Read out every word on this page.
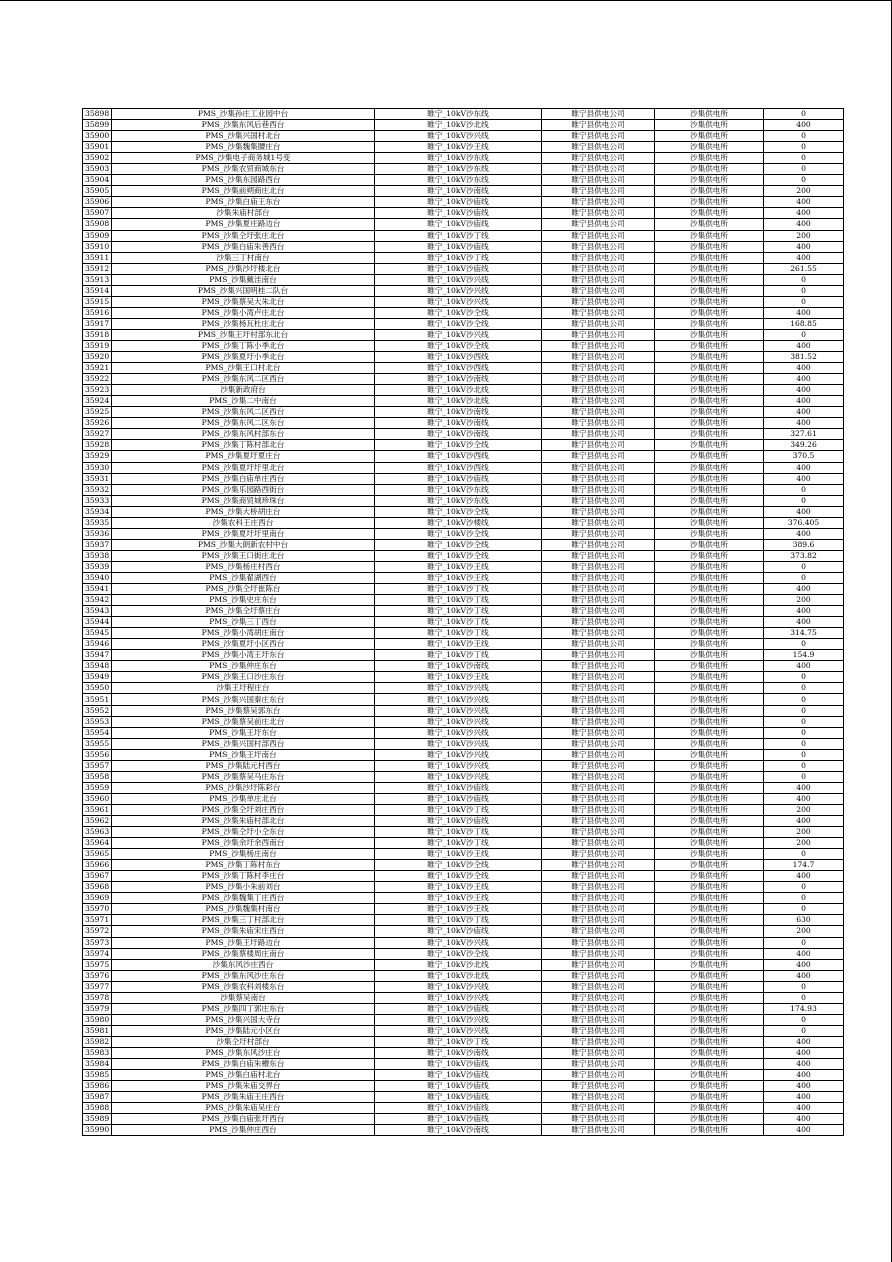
35898	PMS_沙集孙庄工业园中台	睢宁_10kV沙东线	睢宁县供电公司	沙集供电所	0
35899	PMS_沙集东风后巷西台	睢宁_10kV沙北线	睢宁县供电公司	沙集供电所	400
35900	PMS_沙集兴国村北台	睢宁_10kV沙兴线	睢宁县供电公司	沙集供电所	0
35901	PMS_沙集魏集腰庄台	睢宁_10kV沙王线	睢宁县供电公司	沙集供电所	0
35902	PMS_沙集电子商务城1号变	睢宁_10kV沙东线	睢宁县供电公司	沙集供电所	0
35903	PMS_沙集农贸商城东台	睢宁_10kV沙东线	睢宁县供电公司	沙集供电所	0
35904	PMS_沙集东园路西台	睢宁_10kV沙东线	睢宁县供电公司	沙集供电所	0
35905	PMS_沙集前朔商庄北台	睢宁_10kV沙南线	睢宁县供电公司	沙集供电所	200
35906	PMS_沙集白庙王东台	睢宁_10kV沙庙线	睢宁县供电公司	沙集供电所	400
35907	沙集朱庙村部台	睢宁_10kV沙庙线	睢宁县供电公司	沙集供电所	400
35908	PMS_沙集夏庄路边台	睢宁_10kV沙庙线	睢宁县供电公司	沙集供电所	400
35909	PMS_沙集仝圩张庄北台	睢宁_10kV沙丁线	睢宁县供电公司	沙集供电所	200
35910	PMS_沙集白庙朱善西台	睢宁_10kV沙庙线	睢宁县供电公司	沙集供电所	400
35911	沙集三丁村南台	睢宁_10kV沙丁线	睢宁县供电公司	沙集供电所	400
35912	PMS_沙集沙圩楼北台	睢宁_10kV沙庙线	睢宁县供电公司	沙集供电所	261.55
35913	PMS_沙集戴洼南台	睢宁_10kV沙兴线	睢宁县供电公司	沙集供电所	0
35914	PMS_沙集兴国明桂二队台	睢宁_10kV沙兴线	睢宁县供电公司	沙集供电所	0
35915	PMS_沙集蔡吴大朱北台	睢宁_10kV沙兴线	睢宁县供电公司	沙集供电所	0
35916	PMS_沙集小湾卢庄北台	睢宁_10kV沙仝线	睢宁县供电公司	沙集供电所	400
35917	PMS_沙集杨瓦杜庄北台	睢宁_10kV沙仝线	睢宁县供电公司	沙集供电所	168.85
35918	PMS_沙集王圩村部东北台	睢宁_10kV沙兴线	睢宁县供电公司	沙集供电所	0
35919	PMS_沙集丁陈小季北台	睢宁_10kV沙仝线	睢宁县供电公司	沙集供电所	400
35920	PMS_沙集夏圩小季北台	睢宁_10kV沙西线	睢宁县供电公司	沙集供电所	381.52
35921	PMS_沙集王口村北台	睢宁_10kV沙西线	睢宁县供电公司	沙集供电所	400
35922	PMS_沙集东风二区西台	睢宁_10kV沙南线	睢宁县供电公司	沙集供电所	400
35923	沙集新政府台	睢宁_10kV沙北线	睢宁县供电公司	沙集供电所	400
35924	PMS_沙集二中南台	睢宁_10kV沙北线	睢宁县供电公司	沙集供电所	400
35925	PMS_沙集东风二区西台	睢宁_10kV沙南线	睢宁县供电公司	沙集供电所	400
35926	PMS_沙集东风二区东台	睢宁_10kV沙南线	睢宁县供电公司	沙集供电所	400
35927	PMS_沙集东风村部东台	睢宁_10kV沙南线	睢宁县供电公司	沙集供电所	327.61
35928	PMS_沙集丁陈村部北台	睢宁_10kV沙仝线	睢宁县供电公司	沙集供电所	349.26
35929	PMS_沙集夏圩夏庄台	睢宁_10kV沙西线	睢宁县供电公司	沙集供电所	370.5
35930	PMS_沙集夏圩圩里北台	睢宁_10kV沙西线	睢宁县供电公司	沙集供电所	400
35931	PMS_沙集白庙单庄西台	睢宁_10kV沙庙线	睢宁县供电公司	沙集供电所	400
35932	PMS_沙集乐园路西街台	睢宁_10kV沙东线	睢宁县供电公司	沙集供电所	0
35933	PMS_沙集商贸城珍珠台	睢宁_10kV沙东线	睢宁县供电公司	沙集供电所	0
35934	PMS_沙集大桥胡庄台	睢宁_10kV沙仝线	睢宁县供电公司	沙集供电所	400
35935	沙集农科王庄西台	睢宁_10kV沙楼线	睢宁县供电公司	沙集供电所	376.405
35936	PMS_沙集夏圩圩里南台	睢宁_10kV沙仝线	睢宁县供电公司	沙集供电所	400
35937	PMS_沙集大朗新农村中台	睢宁_10kV沙仝线	睢宁县供电公司	沙集供电所	389.6
35938	PMS_沙集王口街庄北台	睢宁_10kV沙仝线	睢宁县供电公司	沙集供电所	373.82
35939	PMS_沙集杨庄村西台	睢宁_10kV沙王线	睢宁县供电公司	沙集供电所	0
35940	PMS_沙集翟湖西台	睢宁_10kV沙王线	睢宁县供电公司	沙集供电所	0
35941	PMS_沙集仝圩崔陈台	睢宁_10kV沙丁线	睢宁县供电公司	沙集供电所	400
35942	PMS_沙集史庄东台	睢宁_10kV沙丁线	睢宁县供电公司	沙集供电所	200
35943	PMS_沙集仝圩蔡庄台	睢宁_10kV沙丁线	睢宁县供电公司	沙集供电所	400
35944	PMS_沙集三丁西台	睢宁_10kV沙丁线	睢宁县供电公司	沙集供电所	400
35945	PMS_沙集小湾胡庄南台	睢宁_10kV沙丁线	睢宁县供电公司	沙集供电所	314.75
35946	PMS_沙集夏圩小区西台	睢宁_10kV沙王线	睢宁县供电公司	沙集供电所	0
35947	PMS_沙集小湾王圩东台	睢宁_10kV沙丁线	睢宁县供电公司	沙集供电所	154.9
35948	PMS_沙集仲庄东台	睢宁_10kV沙南线	睢宁县供电公司	沙集供电所	400
35949	PMS_沙集王口沙庄东台	睢宁_10kV沙王线	睢宁县供电公司	沙集供电所	0
35950	沙集王圩程庄台	睢宁_10kV沙兴线	睢宁县供电公司	沙集供电所	0
35951	PMS_沙集兴国秦庄东台	睢宁_10kV沙兴线	睢宁县供电公司	沙集供电所	0
35952	PMS_沙集蔡吴郭东台	睢宁_10kV沙兴线	睢宁县供电公司	沙集供电所	0
35953	PMS_沙集蔡吴前庄北台	睢宁_10kV沙兴线	睢宁县供电公司	沙集供电所	0
35954	PMS_沙集王圩东台	睢宁_10kV沙兴线	睢宁县供电公司	沙集供电所	0
35955	PMS_沙集兴国村部西台	睢宁_10kV沙兴线	睢宁县供电公司	沙集供电所	0
35956	PMS_沙集王圩南台	睢宁_10kV沙兴线	睢宁县供电公司	沙集供电所	0
35957	PMS_沙集陆元村西台	睢宁_10kV沙兴线	睢宁县供电公司	沙集供电所	0
35958	PMS_沙集蔡吴马庄东台	睢宁_10kV沙兴线	睢宁县供电公司	沙集供电所	0
35959	PMS_沙集沙圩陈彩台	睢宁_10kV沙庙线	睢宁县供电公司	沙集供电所	400
35960	PMS_沙集单庄北台	睢宁_10kV沙庙线	睢宁县供电公司	沙集供电所	400
35961	PMS_沙集仝圩刘庄西台	睢宁_10kV沙丁线	睢宁县供电公司	沙集供电所	200
35962	PMS_沙集朱庙村部北台	睢宁_10kV沙庙线	睢宁县供电公司	沙集供电所	400
35963	PMS_沙集仝圩小仝东台	睢宁_10kV沙丁线	睢宁县供电公司	沙集供电所	200
35964	PMS_沙集余圩余西南台	睢宁_10kV沙丁线	睢宁县供电公司	沙集供电所	200
35965	PMS_沙集杨庄南台	睢宁_10kV沙王线	睢宁县供电公司	沙集供电所	0
35966	PMS_沙集丁陈村东台	睢宁_10kV沙仝线	睢宁县供电公司	沙集供电所	174.7
35967	PMS_沙集丁陈村李庄台	睢宁_10kV沙仝线	睢宁县供电公司	沙集供电所	400
35968	PMS_沙集小朱前刘台	睢宁_10kV沙王线	睢宁县供电公司	沙集供电所	0
35969	PMS_沙集魏集丁庄西台	睢宁_10kV沙王线	睢宁县供电公司	沙集供电所	0
35970	PMS_沙集魏集村南台	睢宁_10kV沙王线	睢宁县供电公司	沙集供电所	0
35971	PMS_沙集三丁村部北台	睢宁_10kV沙丁线	睢宁县供电公司	沙集供电所	630
35972	PMS_沙集朱庙宋庄西台	睢宁_10kV沙庙线	睢宁县供电公司	沙集供电所	200
35973	PMS_沙集王圩路边台	睢宁_10kV沙兴线	睢宁县供电公司	沙集供电所	0
35974	PMS_沙集蔡楼周庄南台	睢宁_10kV沙仝线	睢宁县供电公司	沙集供电所	400
35975	沙集东风沙庄西台	睢宁_10kV沙北线	睢宁县供电公司	沙集供电所	400
35976	PMS_沙集东风沙庄东台	睢宁_10kV沙北线	睢宁县供电公司	沙集供电所	400
35977	PMS_沙集农科刘楼东台	睢宁_10kV沙兴线	睢宁县供电公司	沙集供电所	0
35978	沙集蔡吴南台	睢宁_10kV沙兴线	睢宁县供电公司	沙集供电所	0
35979	PMS_沙集四丁郭庄东台	睢宁_10kV沙庙线	睢宁县供电公司	沙集供电所	174.93
35980	PMS_沙集兴国大寺台	睢宁_10kV沙兴线	睢宁县供电公司	沙集供电所	0
35981	PMS_沙集陆元小区台	睢宁_10kV沙兴线	睢宁县供电公司	沙集供电所	0
35982	沙集仝圩村部台	睢宁_10kV沙丁线	睢宁县供电公司	沙集供电所	400
35983	PMS_沙集东风沙庄台	睢宁_10kV沙南线	睢宁县供电公司	沙集供电所	400
35984	PMS_沙集白庙朱槽东台	睢宁_10kV沙庙线	睢宁县供电公司	沙集供电所	400
35985	PMS_沙集白庙村北台	睢宁_10kV沙庙线	睢宁县供电公司	沙集供电所	400
35986	PMS_沙集朱庙交界台	睢宁_10kV沙庙线	睢宁县供电公司	沙集供电所	400
35987	PMS_沙集朱庙王庄西台	睢宁_10kV沙庙线	睢宁县供电公司	沙集供电所	400
35988	PMS_沙集朱庙吴庄台	睢宁_10kV沙庙线	睢宁县供电公司	沙集供电所	400
35989	PMS_沙集白庙张圩西台	睢宁_10kV沙庙线	睢宁县供电公司	沙集供电所	400
35990	PMS_沙集仲庄西台	睢宁_10kV沙南线	睢宁县供电公司	沙集供电所	400
